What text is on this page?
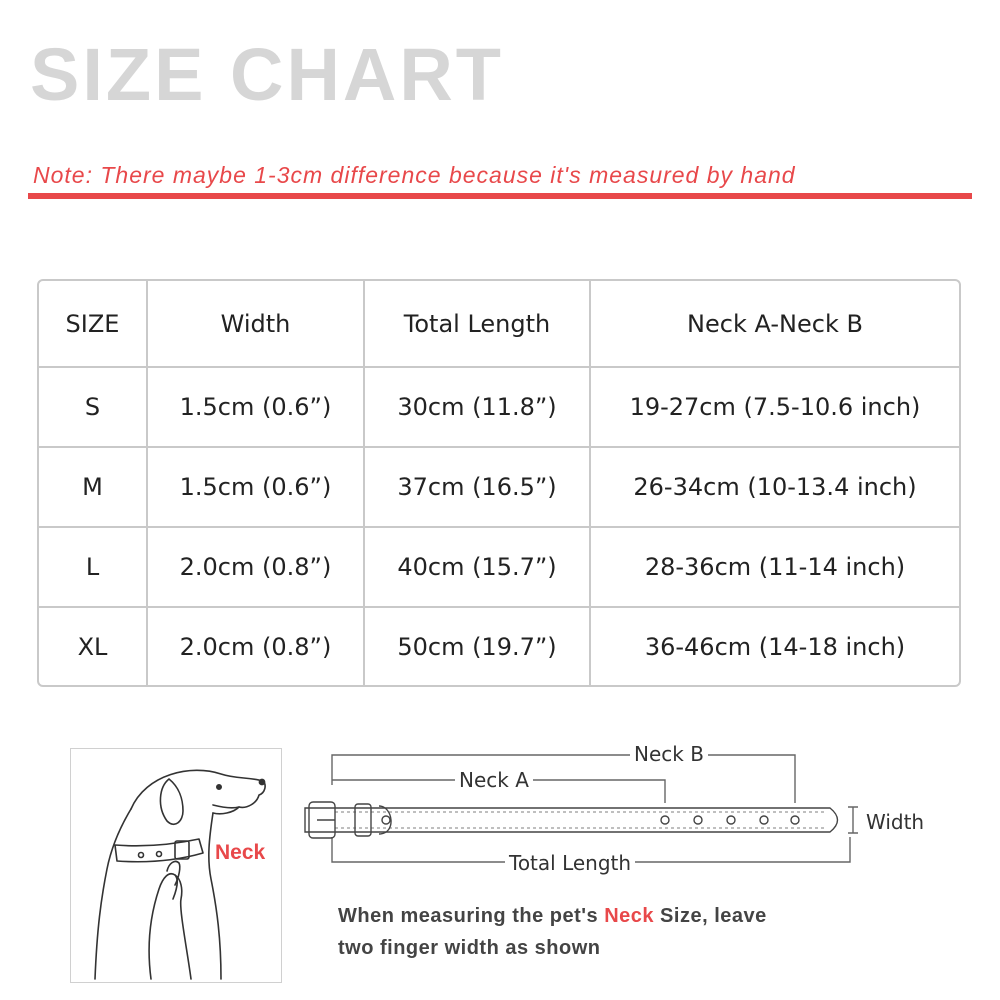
SIZE CHART
Note: There maybe 1-3cm difference because it's measured by hand
SIZE	Width	Total Length	Neck A-Neck B
S	1.5cm (0.6”)	30cm (11.8”)	19-27cm (7.5-10.6 inch)
M	1.5cm (0.6”)	37cm (16.5”)	26-34cm (10-13.4 inch)
L	2.0cm (0.8”)	40cm (15.7”)	28-36cm (11-14 inch)
XL	2.0cm (0.8”)	50cm (19.7”)	36-46cm (14-18 inch)
Neck
Neck B
Neck A
Width
Total Length
When measuring the pet's Neck Size, leave
two finger width as shown
